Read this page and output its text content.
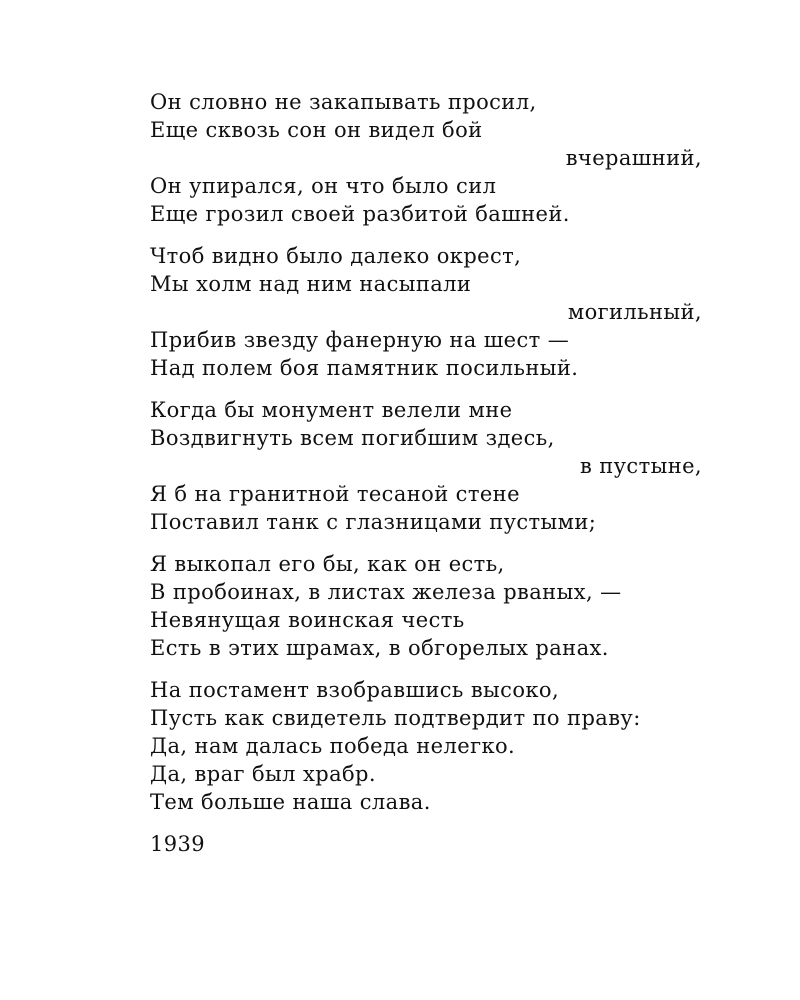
Он словно не закапывать просил,
Еще сквозь сон он видел бой
вчерашний,
Он упирался, он что было сил
Еще грозил своей разбитой башней.
Чтоб видно было далеко окрест,
Мы холм над ним насыпали
могильный,
Прибив звезду фанерную на шест —
Над полем боя памятник посильный.
Когда бы монумент велели мне
Воздвигнуть всем погибшим здесь,
в пустыне,
Я б на гранитной тесаной стене
Поставил танк с глазницами пустыми;
Я выкопал его бы, как он есть,
В пробоинах, в листах железа рваных, —
Невянущая воинская честь
Есть в этих шрамах, в обгорелых ранах.
На постамент взобравшись высоко,
Пусть как свидетель подтвердит по праву:
Да, нам далась победа нелегко.
Да, враг был храбр.
Тем больше наша слава.
1939
